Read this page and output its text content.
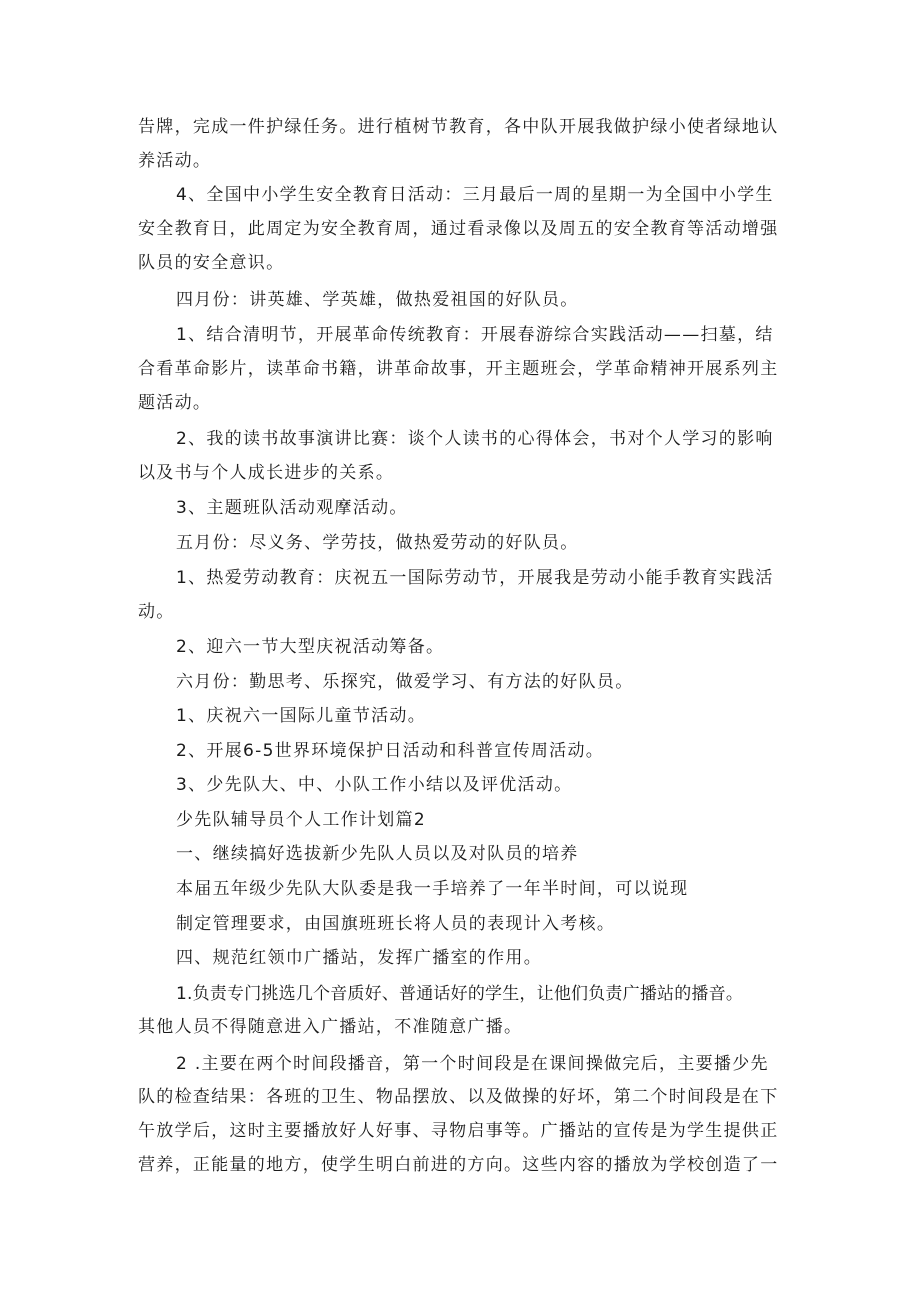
告牌，完成一件护绿任务。进行植树节教育，各中队开展我做护绿小使者绿地认
养活动。
4、全国中小学生安全教育日活动：三月最后一周的星期一为全国中小学生
安全教育日，此周定为安全教育周，通过看录像以及周五的安全教育等活动增强
队员的安全意识。
四月份：讲英雄、学英雄，做热爱祖国的好队员。
1、结合清明节，开展革命传统教育：开展春游综合实践活动——扫墓，结
合看革命影片，读革命书籍，讲革命故事，开主题班会，学革命精神开展系列主
题活动。
2、我的读书故事演讲比赛：谈个人读书的心得体会，书对个人学习的影响
以及书与个人成长进步的关系。
3、主题班队活动观摩活动。
五月份：尽义务、学劳技，做热爱劳动的好队员。
1、热爱劳动教育：庆祝五一国际劳动节，开展我是劳动小能手教育实践活
动。
2、迎六一节大型庆祝活动筹备。
六月份：勤思考、乐探究，做爱学习、有方法的好队员。
1、庆祝六一国际儿童节活动。
2、开展6-5世界环境保护日活动和科普宣传周活动。
3、少先队大、中、小队工作小结以及评优活动。
少先队辅导员个人工作计划篇2
一、继续搞好选拔新少先队人员以及对队员的培养
本届五年级少先队大队委是我一手培养了一年半时间，可以说现
制定管理要求，由国旗班班长将人员的表现计入考核。
四、规范红领巾广播站，发挥广播室的作用。
1.负责专门挑选几个音质好、普通话好的学生，让他们负责广播站的播音。
其他人员不得随意进入广播站，不准随意广播。
2 .主要在两个时间段播音，第一个时间段是在课间操做完后，主要播少先
队的检查结果：各班的卫生、物品摆放、以及做操的好坏，第二个时间段是在下
午放学后，这时主要播放好人好事、寻物启事等。广播站的宣传是为学生提供正
营养，正能量的地方，使学生明白前进的方向。这些内容的播放为学校创造了一
